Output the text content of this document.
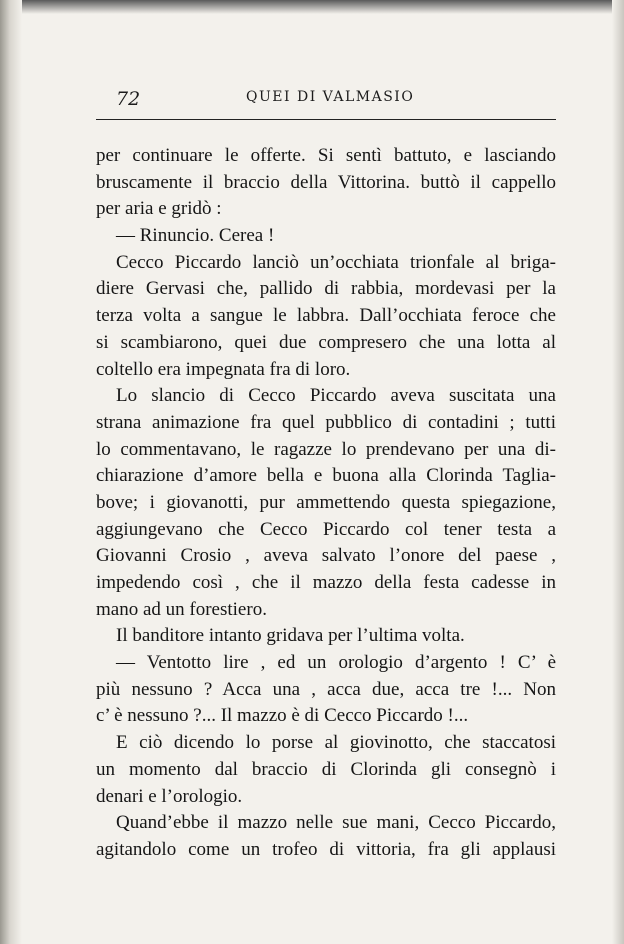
72	QUEI DI VALMASIO
per continuare le offerte. Si sentì battuto, e lasciando
bruscamente il braccio della Vittorina. buttò il cappello
per aria e gridò :
— Rinuncio. Cerea !
Cecco Piccardo lanciò un’occhiata trionfale al briga-
diere Gervasi che, pallido di rabbia, mordevasi per la
terza volta a sangue le labbra. Dall’occhiata feroce che
si scambiarono, quei due compresero che una lotta al
coltello era impegnata fra di loro.
Lo slancio di Cecco Piccardo aveva suscitata una
strana animazione fra quel pubblico di contadini ; tutti
lo commentavano, le ragazze lo prendevano per una di-
chiarazione d’amore bella e buona alla Clorinda Taglia-
bove; i giovanotti, pur ammettendo questa spiegazione,
aggiungevano che Cecco Piccardo col tener testa a
Giovanni Crosio , aveva salvato l’onore del paese ,
impedendo così , che il mazzo della festa cadesse in
mano ad un forestiero.
Il banditore intanto gridava per l’ultima volta.
— Ventotto lire , ed un orologio d’argento ! C’ è
più nessuno ? Acca una , acca due, acca tre !... Non
c’ è nessuno ?... Il mazzo è di Cecco Piccardo !...
E ciò dicendo lo porse al giovinotto, che staccatosi
un momento dal braccio di Clorinda gli consegnò i
denari e l’orologio.
Quand’ebbe il mazzo nelle sue mani, Cecco Piccardo,
agitandolo come un trofeo di vittoria, fra gli applausi
